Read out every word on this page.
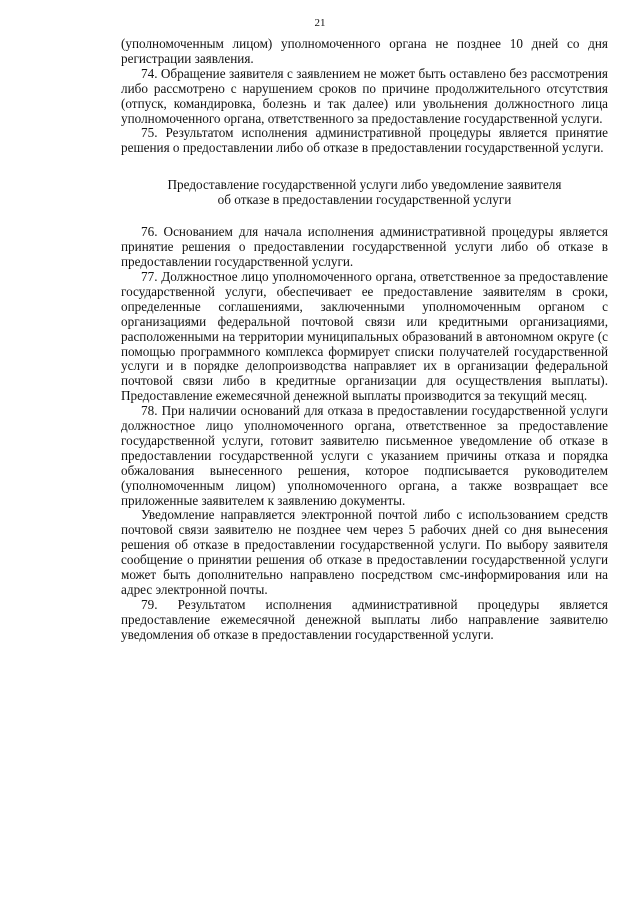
21

(уполномоченным лицом) уполномоченного органа не позднее 10 дней со дня регистрации заявления.

74. Обращение заявителя с заявлением не может быть оставлено без рассмотрения либо рассмотрено с нарушением сроков по причине продолжительного отсутствия (отпуск, командировка, болезнь и так далее) или увольнения должностного лица уполномоченного органа, ответственного за предоставление государственной услуги.

75. Результатом исполнения административной процедуры является принятие решения о предоставлении либо об отказе в предоставлении государственной услуги.

Предоставление государственной услуги либо уведомление заявителя
об отказе в предоставлении государственной услуги

76. Основанием для начала исполнения административной процедуры является принятие решения о предоставлении государственной услуги либо об отказе в предоставлении государственной услуги.

77. Должностное лицо уполномоченного органа, ответственное за предоставление государственной услуги, обеспечивает ее предоставление заявителям в сроки, определенные соглашениями, заключенными уполномоченным органом с организациями федеральной почтовой связи или кредитными организациями, расположенными на территории муниципальных образований в автономном округе (с помощью программного комплекса формирует списки получателей государственной услуги и в порядке делопроизводства направляет их в организации федеральной почтовой связи либо в кредитные организации для осуществления выплаты). Предоставление ежемесячной денежной выплаты производится за текущий месяц.

78. При наличии оснований для отказа в предоставлении государственной услуги должностное лицо уполномоченного органа, ответственное за предоставление государственной услуги, готовит заявителю письменное уведомление об отказе в предоставлении государственной услуги с указанием причины отказа и порядка обжалования вынесенного решения, которое подписывается руководителем (уполномоченным лицом) уполномоченного органа, а также возвращает все приложенные заявителем к заявлению документы.

Уведомление направляется электронной почтой либо с использованием средств почтовой связи заявителю не позднее чем через 5 рабочих дней со дня вынесения решения об отказе в предоставлении государственной услуги. По выбору заявителя сообщение о принятии решения об отказе в предоставлении государственной услуги может быть дополнительно направлено посредством смс-информирования или на адрес электронной почты.

79. Результатом исполнения административной процедуры является предоставление ежемесячной денежной выплаты либо направление заявителю уведомления об отказе в предоставлении государственной услуги.
